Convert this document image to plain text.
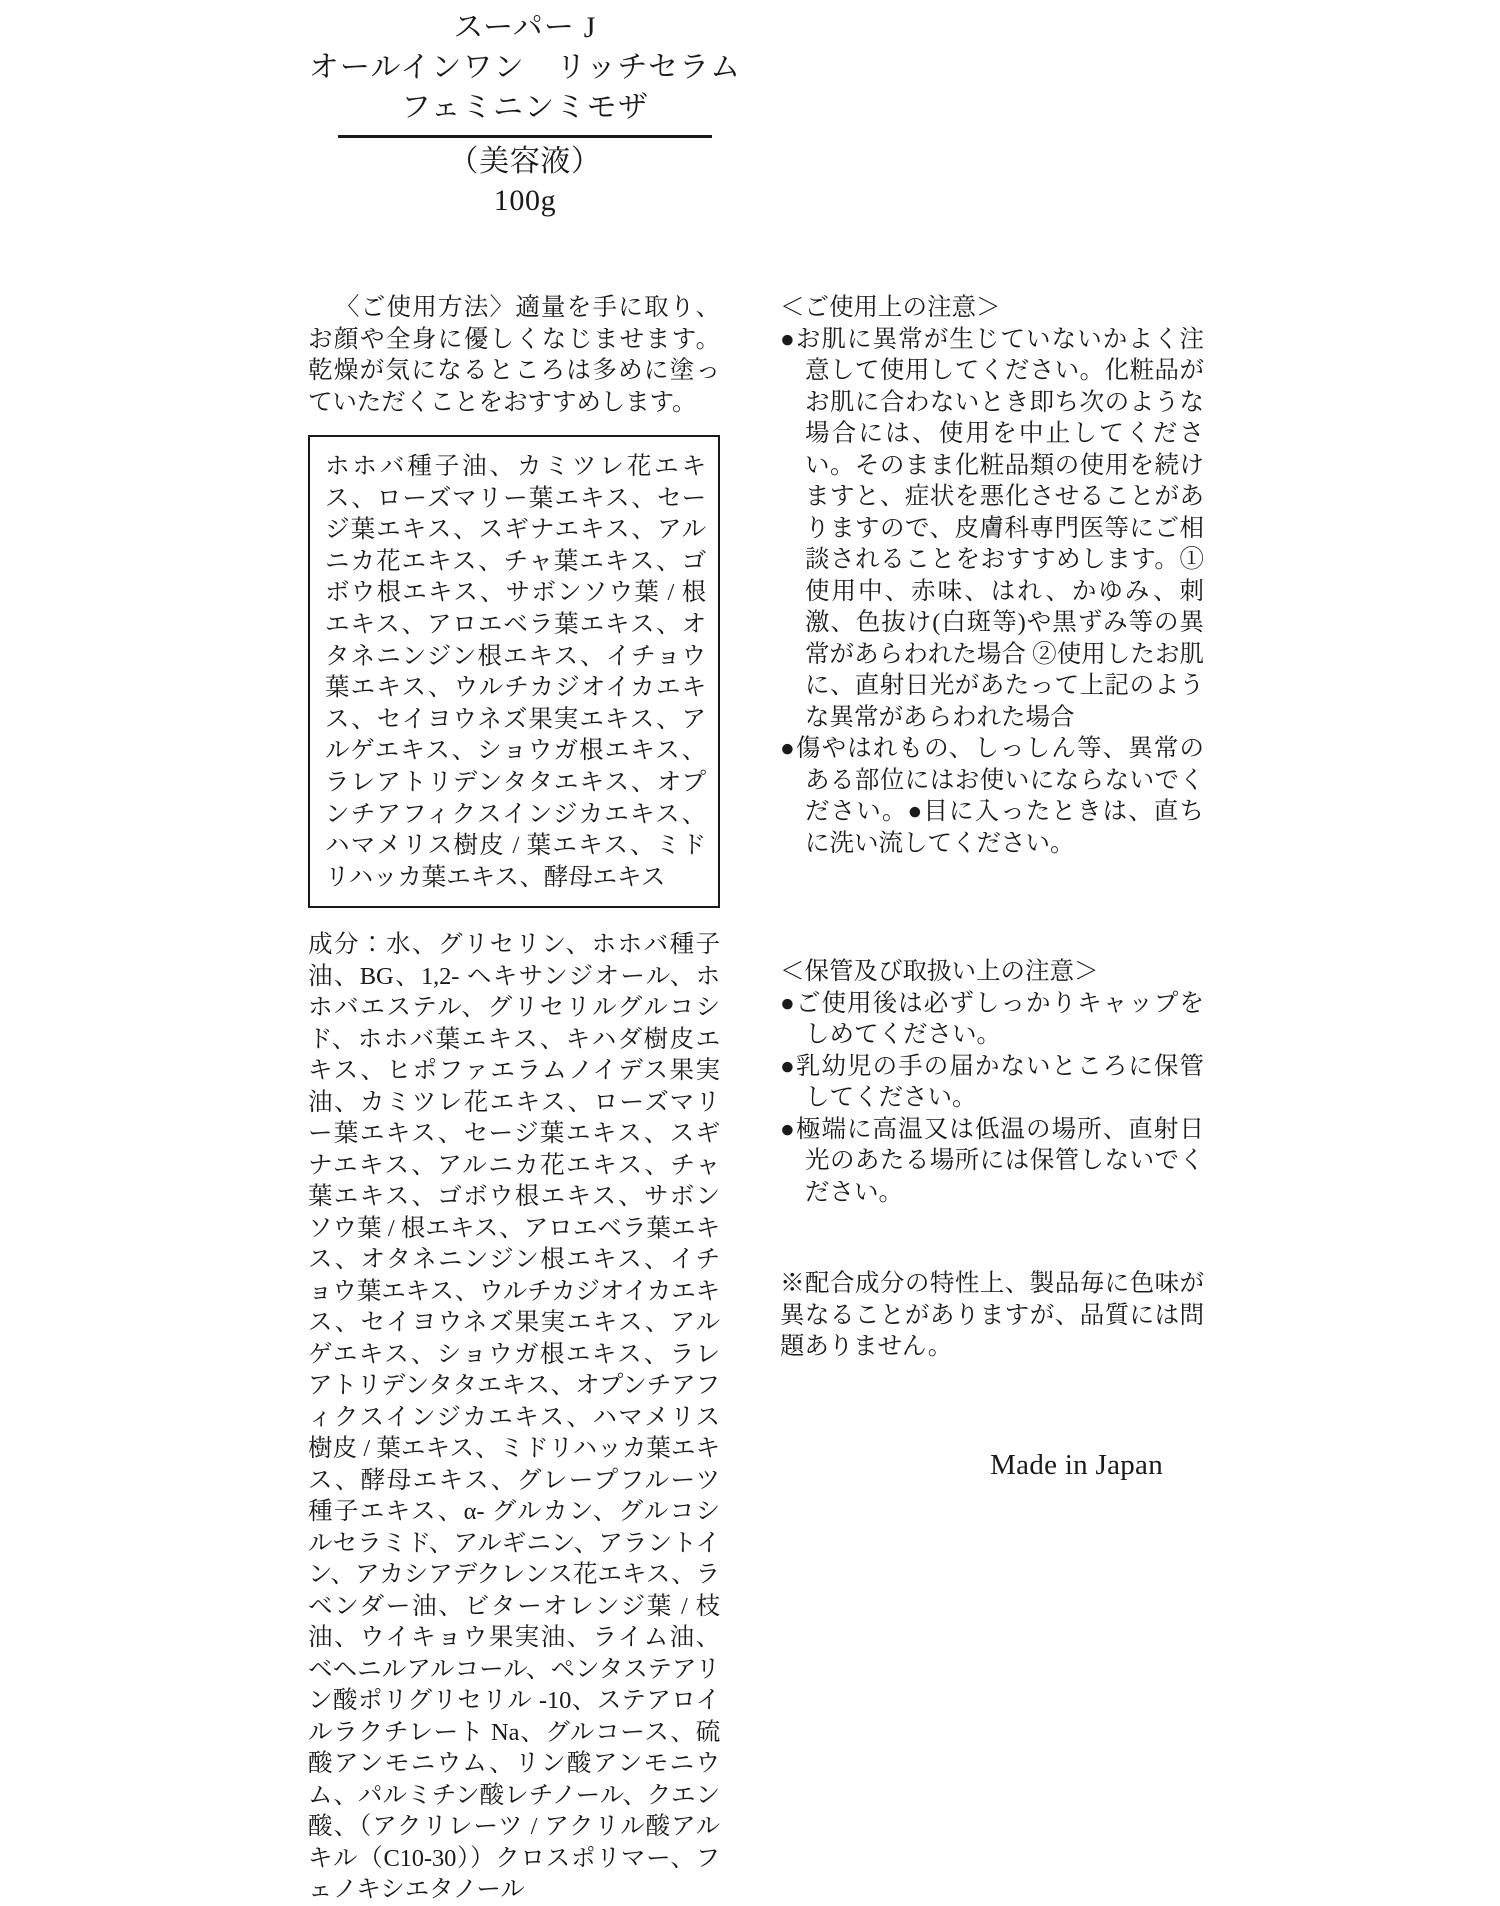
スーパー J
オールインワン　リッチセラム
フェミニンミモザ
（美容液）
100g

〈ご使用方法〉適量を手に取り、お顔や全身に優しくなじませます。乾燥が気になるところは多めに塗っていただくことをおすすめします。

ホホバ種子油、カミツレ花エキス、ローズマリー葉エキス、セージ葉エキス、スギナエキス、アルニカ花エキス、チャ葉エキス、ゴボウ根エキス、サボンソウ葉 / 根エキス、アロエベラ葉エキス、オタネニンジン根エキス、イチョウ葉エキス、ウルチカジオイカエキス、セイヨウネズ果実エキス、アルゲエキス、ショウガ根エキス、ラレアトリデンタタエキス、オプンチアフィクスインジカエキス、ハマメリス樹皮 / 葉エキス、ミドリハッカ葉エキス、酵母エキス

成分：水、グリセリン、ホホバ種子油、BG、1,2- ヘキサンジオール、ホホバエステル、グリセリルグルコシド、ホホバ葉エキス、キハダ樹皮エキス、ヒポファエラムノイデス果実油、カミツレ花エキス、ローズマリー葉エキス、セージ葉エキス、スギナエキス、アルニカ花エキス、チャ葉エキス、ゴボウ根エキス、サボンソウ葉 / 根エキス、アロエベラ葉エキス、オタネニンジン根エキス、イチョウ葉エキス、ウルチカジオイカエキス、セイヨウネズ果実エキス、アルゲエキス、ショウガ根エキス、ラレアトリデンタタエキス、オプンチアフィクスインジカエキス、ハマメリス樹皮 / 葉エキス、ミドリハッカ葉エキス、酵母エキス、グレープフルーツ種子エキス、α- グルカン、グルコシルセラミド、アルギニン、アラントイン、アカシアデクレンス花エキス、ラベンダー油、ビターオレンジ葉 / 枝油、ウイキョウ果実油、ライム油、ベヘニルアルコール、ペンタステアリン酸ポリグリセリル -10、ステアロイルラクチレート Na、グルコース、硫酸アンモニウム、リン酸アンモニウム、パルミチン酸レチノール、クエン酸、（アクリレーツ / アクリル酸アルキル（C10-30））クロスポリマー、フェノキシエタノール

＜ご使用上の注意＞

●お肌に異常が生じていないかよく注意して使用してください。化粧品がお肌に合わないとき即ち次のような場合には、使用を中止してください。そのまま化粧品類の使用を続けますと、症状を悪化させることがありますので、皮膚科専門医等にご相談されることをおすすめします。①使用中、赤味、はれ、かゆみ、刺激、色抜け(白斑等)や黒ずみ等の異常があらわれた場合 ②使用したお肌に、直射日光があたって上記のような異常があらわれた場合

●傷やはれもの、しっしん等、異常のある部位にはお使いにならないでください。●目に入ったときは、直ちに洗い流してください。

＜保管及び取扱い上の注意＞

●ご使用後は必ずしっかりキャップをしめてください。

●乳幼児の手の届かないところに保管してください。

●極端に高温又は低温の場所、直射日光のあたる場所には保管しないでください。

※配合成分の特性上、製品毎に色味が異なることがありますが、品質には問題ありません。

Made in Japan
